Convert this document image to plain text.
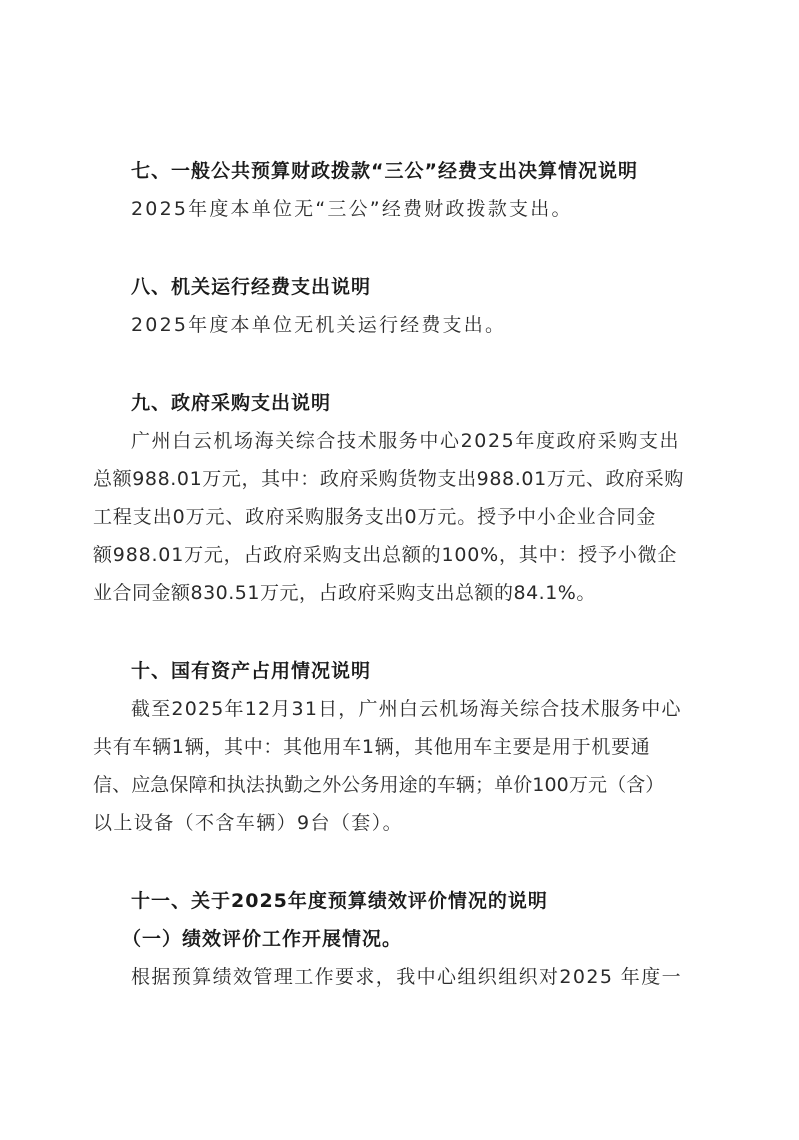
七、一般公共预算财政拨款“三公”经费支出决算情况说明
2025年度本单位无“三公”经费财政拨款支出。
八、机关运行经费支出说明
2025年度本单位无机关运行经费支出。
九、政府采购支出说明
广州白云机场海关综合技术服务中心2025年度政府采购支出
总额988.01万元，其中：政府采购货物支出988.01万元、政府采购
工程支出0万元、政府采购服务支出0万元。授予中小企业合同金
额988.01万元，占政府采购支出总额的100%，其中：授予小微企
业合同金额830.51万元，占政府采购支出总额的84.1%。
十、国有资产占用情况说明
截至2025年12月31日，广州白云机场海关综合技术服务中心
共有车辆1辆，其中：其他用车1辆，其他用车主要是用于机要通
信、应急保障和执法执勤之外公务用途的车辆；单价100万元（含）
以上设备（不含车辆）9台（套）。
十一、关于2025年度预算绩效评价情况的说明
（一）绩效评价工作开展情况。
根据预算绩效管理工作要求，我中心组织组织对2025 年度一
